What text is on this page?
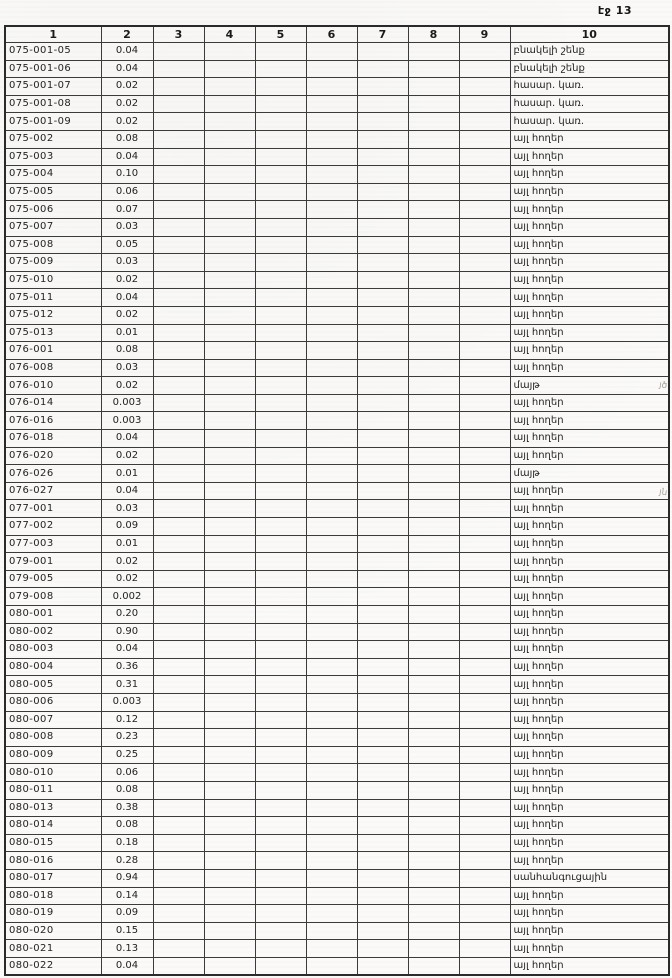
էջ 13
1	2	3	4	5	6	7	8	9	10
075-001-05	0.04								բնակելի շենք
075-001-06	0.04								բնակելի շենք
075-001-07	0.02								հասար. կառ.
075-001-08	0.02								հասար. կառ.
075-001-09	0.02								հասար. կառ.
075-002	0.08								այլ հողեր
075-003	0.04								այլ հողեր
075-004	0.10								այլ հողեր
075-005	0.06								այլ հողեր
075-006	0.07								այլ հողեր
075-007	0.03								այլ հողեր
075-008	0.05								այլ հողեր
075-009	0.03								այլ հողեր
075-010	0.02								այլ հողեր
075-011	0.04								այլ հողեր
075-012	0.02								այլ հողեր
075-013	0.01								այլ հողեր
076-001	0.08								այլ հողեր
076-008	0.03								այլ հողեր
076-010	0.02								մայթ
076-014	0.003								այլ հողեր
076-016	0.003								այլ հողեր
076-018	0.04								այլ հողեր
076-020	0.02								այլ հողեր
076-026	0.01								մայթ
076-027	0.04								այլ հողեր
077-001	0.03								այլ հողեր
077-002	0.09								այլ հողեր
077-003	0.01								այլ հողեր
079-001	0.02								այլ հողեր
079-005	0.02								այլ հողեր
079-008	0.002								այլ հողեր
080-001	0.20								այլ հողեր
080-002	0.90								այլ հողեր
080-003	0.04								այլ հողեր
080-004	0.36								այլ հողեր
080-005	0.31								այլ հողեր
080-006	0.003								այլ հողեր
080-007	0.12								այլ հողեր
080-008	0.23								այլ հողեր
080-009	0.25								այլ հողեր
080-010	0.06								այլ հողեր
080-011	0.08								այլ հողեր
080-013	0.38								այլ հողեր
080-014	0.08								այլ հողեր
080-015	0.18								այլ հողեր
080-016	0.28								այլ հողեր
080-017	0.94								սանհանգուցային
080-018	0.14								այլ հողեր
080-019	0.09								այլ հողեր
080-020	0.15								այլ հողեր
080-021	0.13								այլ հողեր
080-022	0.04								այլ հողեր
յծ
յն
